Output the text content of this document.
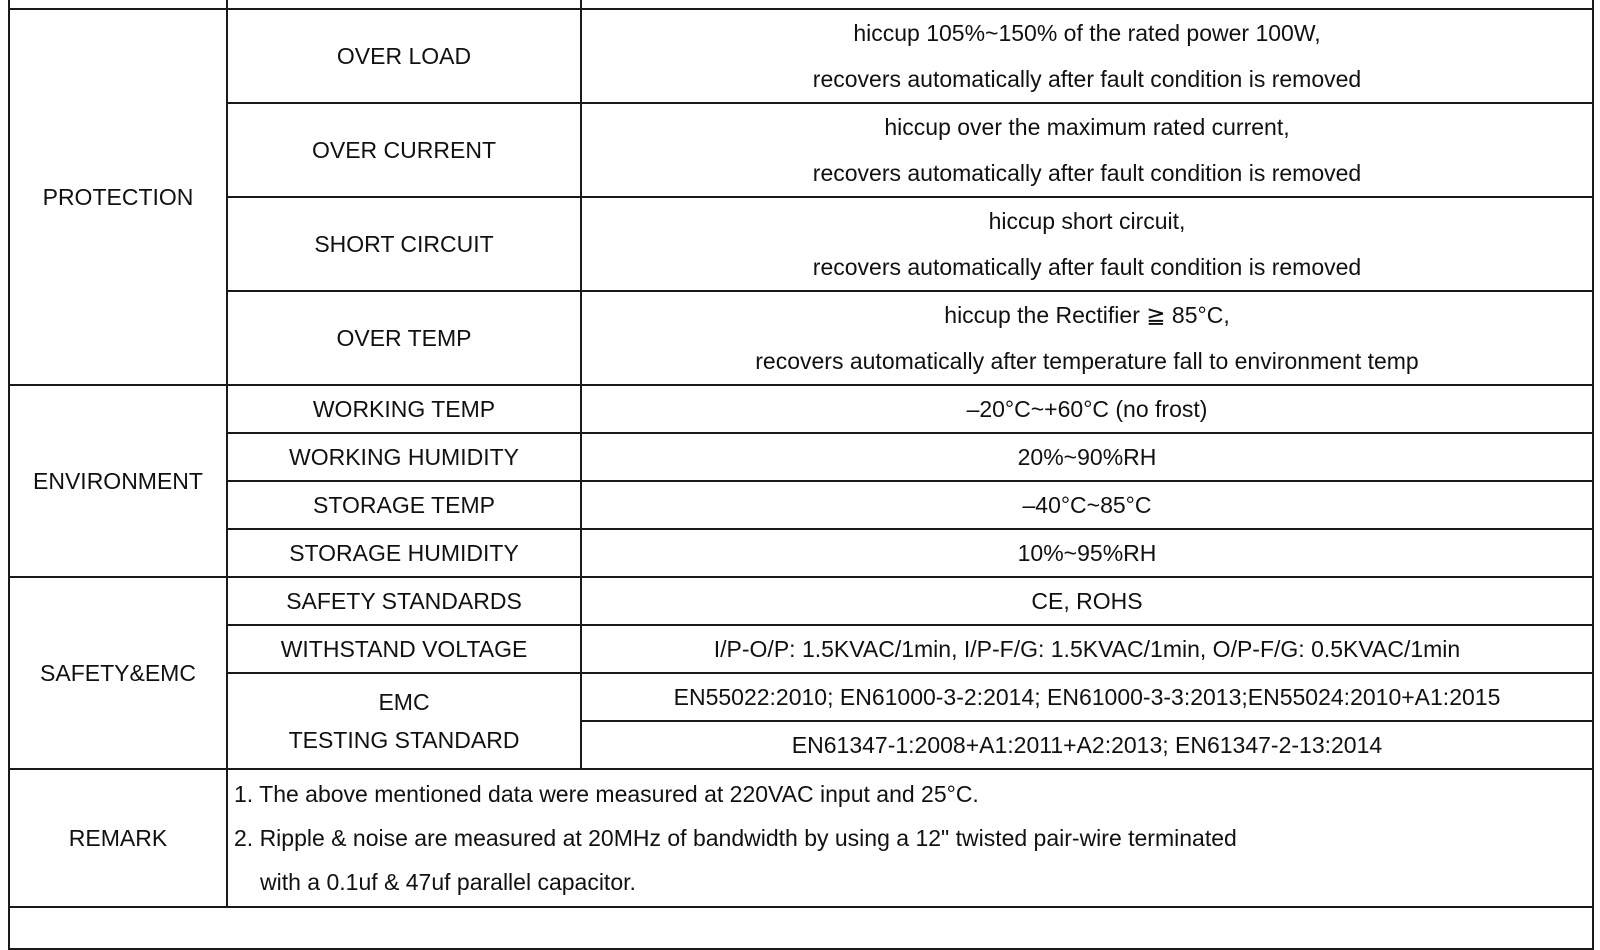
PROTECTION	OVER LOAD	hiccup 105%~150% of the rated power 100W,
recovers automatically after fault condition is removed

	OVER CURRENT	hiccup over the maximum rated current,
recovers automatically after fault condition is removed

	SHORT CIRCUIT	hiccup short circuit,
recovers automatically after fault condition is removed

	OVER TEMP	hiccup the Rectifier ≧ 85°C,
recovers automatically after temperature fall to environment temp

ENVIRONMENT	WORKING TEMP	–20°C~+60°C (no frost)
	WORKING HUMIDITY	20%~90%RH
	STORAGE TEMP	–40°C~85°C
	STORAGE HUMIDITY	10%~95%RH
SAFETY&EMC	SAFETY STANDARDS	CE, ROHS
	WITHSTAND VOLTAGE	I/P-O/P: 1.5KVAC/1min, I/P-F/G: 1.5KVAC/1min, O/P-F/G: 0.5KVAC/1min

	EMC
TESTING STANDARD	EN55022:2010; EN61000-3-2:2014; EN61000-3-3:2013;EN55024:2010+A1:2015
		EN61347-1:2008+A1:2011+A2:2013; EN61347-2-13:2014
REMARK	1. The above mentioned data were measured at 220VAC input and 25°C.
2. Ripple & noise are measured at 20MHz of bandwidth by using a 12" twisted pair-wire terminated
with a 0.1uf & 47uf parallel capacitor.	
